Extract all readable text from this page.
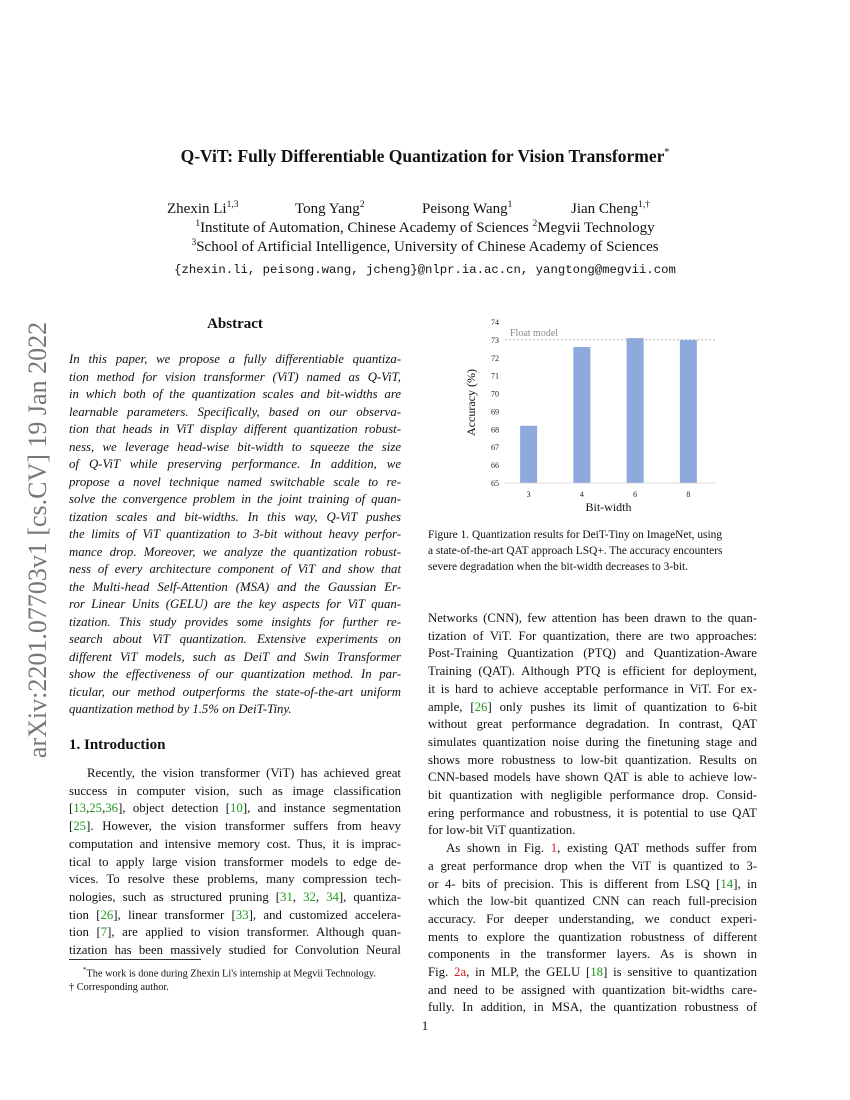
arXiv:2201.07703v1 [cs.CV] 19 Jan 2022
Q-ViT: Fully Differentiable Quantization for Vision Transformer*
Zhexin Li$^{1,3}$	Tong Yang$^2$	Peisong Wang$^1$	Jian Cheng$^{1,\dagger}$
$^1$Institute of Automation, Chinese Academy of Sciences $^2$Megvii Technology
$^3$School of Artificial Intelligence, University of Chinese Academy of Sciences
{zhexin.li, peisong.wang, jcheng}@nlpr.ia.ac.cn, yangtong@megvii.com
Abstract
In this paper, we propose a fully differentiable quantiza-
tion method for vision transformer (ViT) named as Q-ViT,
in which both of the quantization scales and bit-widths are
learnable parameters. Specifically, based on our observa-
tion that heads in ViT display different quantization robust-
ness, we leverage head-wise bit-width to squeeze the size
of Q-ViT while preserving performance. In addition, we
propose a novel technique named switchable scale to re-
solve the convergence problem in the joint training of quan-
tization scales and bit-widths. In this way, Q-ViT pushes
the limits of ViT quantization to 3-bit without heavy perfor-
mance drop. Moreover, we analyze the quantization robust-
ness of every architecture component of ViT and show that
the Multi-head Self-Attention (MSA) and the Gaussian Er-
ror Linear Units (GELU) are the key aspects for ViT quan-
tization. This study provides some insights for further re-
search about ViT quantization. Extensive experiments on
different ViT models, such as DeiT and Swin Transformer
show the effectiveness of our quantization method. In par-
ticular, our method outperforms the state-of-the-art uniform
quantization method by 1.5% on DeiT-Tiny.
1. Introduction
Recently, the vision transformer (ViT) has achieved great
success in computer vision, such as image classification
[13,25,36], object detection [10], and instance segmentation
[25]. However, the vision transformer suffers from heavy
computation and intensive memory cost. Thus, it is imprac-
tical to apply large vision transformer models to edge de-
vices. To resolve these problems, many compression tech-
nologies, such as structured pruning [31, 32, 34], quantiza-
tion [26], linear transformer [33], and customized accelera-
tion [7], are applied to vision transformer. Although quan-
tization has been massively studied for Convolution Neural
*The work is done during Zhexin Li's internship at Megvii Technology.
† Corresponding author.
65
66
67
68
69
70
71
72
73
74
Float model
3	4	6	8
Bit-width
Accuracy (%)
Figure 1. Quantization results for DeiT-Tiny on ImageNet, using
a state-of-the-art QAT approach LSQ+. The accuracy encounters
severe degradation when the bit-width decreases to 3-bit.
Networks (CNN), few attention has been drawn to the quan-
tization of ViT. For quantization, there are two approaches:
Post-Training Quantization (PTQ) and Quantization-Aware
Training (QAT). Although PTQ is efficient for deployment,
it is hard to achieve acceptable performance in ViT. For ex-
ample, [26] only pushes its limit of quantization to 6-bit
without great performance degradation. In contrast, QAT
simulates quantization noise during the finetuning stage and
shows more robustness to low-bit quantization. Results on
CNN-based models have shown QAT is able to achieve low-
bit quantization with negligible performance drop. Consid-
ering performance and robustness, it is potential to use QAT
for low-bit ViT quantization.
As shown in Fig. 1, existing QAT methods suffer from
a great performance drop when the ViT is quantized to 3-
or 4- bits of precision. This is different from LSQ [14], in
which the low-bit quantized CNN can reach full-precision
accuracy. For deeper understanding, we conduct experi-
ments to explore the quantization robustness of different
components in the transformer layers. As is shown in
Fig. 2a, in MLP, the GELU [18] is sensitive to quantization
and need to be assigned with quantization bit-widths care-
fully. In addition, in MSA, the quantization robustness of
1
